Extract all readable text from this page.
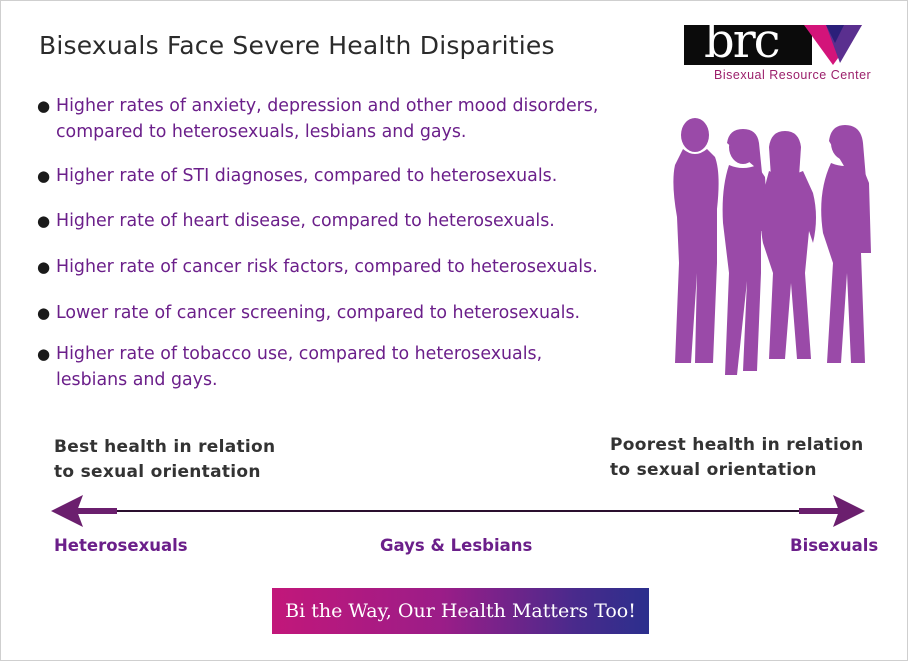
Bisexuals Face Severe Health Disparities	brc
Bisexual Resource Center
● Higher rates of anxiety, depression and other mood disorders,
compared to heterosexuals, lesbians and gays.
● Higher rate of STI diagnoses, compared to heterosexuals.
● Higher rate of heart disease, compared to heterosexuals.
● Higher rate of cancer risk factors, compared to heterosexuals.
● Lower rate of cancer screening, compared to heterosexuals.
● Higher rate of tobacco use, compared to heterosexuals,
lesbians and gays.
Best health in relation
to sexual orientation
Poorest health in relation
to sexual orientation
Heterosexuals	Gays & Lesbians	Bisexuals
Bi the Way, Our Health Matters Too!
